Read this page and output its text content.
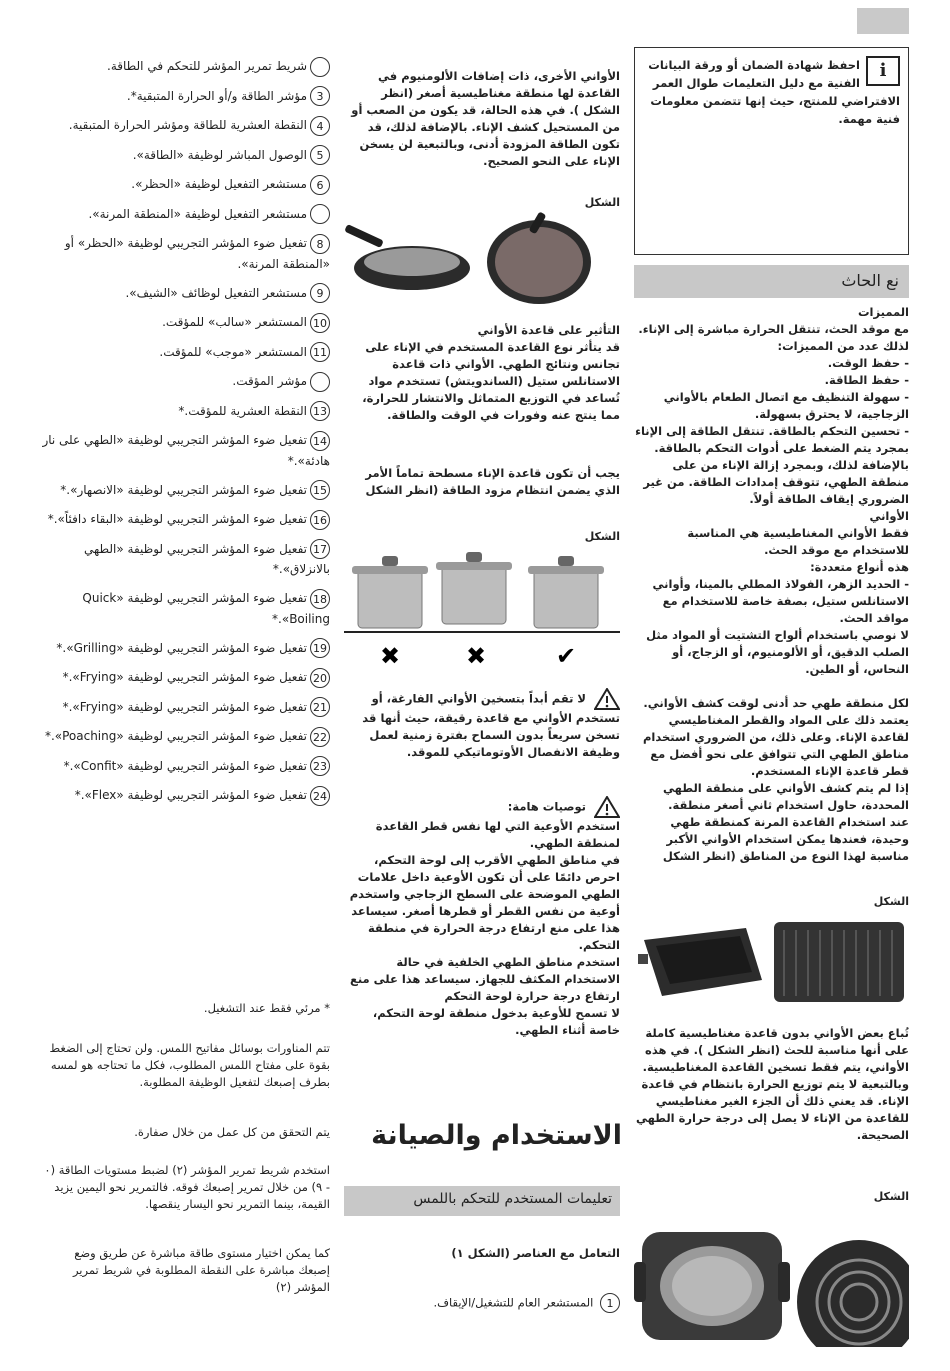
i
احفظ شهادة الضمان أو ورقة البيانات الفنية مع دليل التعليمات طوال العمر الافتراضي للمنتج، حيث إنها تتضمن معلومات فنية مهمة.
نع الحاث

المميزات

مع موقد الحث، تنتقل الحرارة مباشرة إلى الإناء.

لذلك عدد من المميزات:

- حفظ الوقت.

- حفظ الطاقة.

- سهولة التنظيف مع اتصال الطعام بالأواني الزجاجية، لا يحترق بسهولة.

- تحسين التحكم بالطاقة. تنتقل الطاقة إلى الإناء بمجرد يتم الضغط على أدوات التحكم بالطاقة. بالإضافة لذلك، وبمجرد إزالة الإناء من على منطقة الطهي، تتوقف إمدادات الطاقة. من غير الضروري إيقاف الطاقة أولاً.

الأواني

فقط الأواني المغناطيسية هي المناسبة للاستخدام مع موقد الحث.

هذه أنواع متعددة:

- الحديد الزهر، الفولاذ المطلي بالمينا، وأواني الاستانلس ستيل، بصفة خاصة للاستخدام مع مواقد الحث.

لا نوصي باستخدام ألواح التشتيت أو المواد مثل الصلب الدقيق، أو الألومنيوم، أو الزجاج، أو النحاس، أو الطين.

لكل منطقة طهي حد أدنى لوقت كشف الأواني. يعتمد ذلك على المواد والقطر المغناطيسي لقاعدة الإناء. وعلى ذلك، من الضروري استخدام مناطق الطهي التي تتوافق على نحو أفضل مع قطر قاعدة الإناء المستخدم.

إذا لم يتم كشف الأواني على منطقة الطهي المحددة، حاول استخدام ثاني أصغر منطقة.

عند استخدام القاعدة المرنة كمنطقة طهي وحيدة، فعندها يمكن استخدام الأواني الأكبر مناسبة لهذا النوع من المناطق (انظر الشكل

الشكل
تُباع بعض الأواني بدون قاعدة مغناطيسية كاملة على أنها مناسبة للحث (انظر الشكل ). في هذه الأواني، يتم فقط تسخين القاعدة المغناطيسية. وبالتبعية لا يتم توزيع الحرارة بانتظام في قاعدة الإناء. قد يعني ذلك أن الجزء الغير مغناطيسي للقاعدة من الإناء لا يصل إلى درجة حرارة الطهي الصحيحة.
الشكل
الأواني الأخرى، ذات إضافات الألومنيوم في القاعدة لها منطقة مغناطيسية أصغر (انظر الشكل ). في هذه الحالة، قد يكون من الصعب أو من المستحيل كشف الإناء. بالإضافة لذلك، قد تكون الطاقة المزودة أدنى، وبالتبعية لن يسخن الإناء على النحو الصحيح.
الشكل

التأثير على قاعدة الأواني

قد يتأثر نوع القاعدة المستخدم في الإناء على تجانس ونتائج الطهي. الأواني ذات قاعدة الاستانلس ستيل (الساندويتش) تستخدم مواد تُساعد في التوزيع المتماثل والانتشار للحرارة، مما ينتج عنه وفورات في الوقت والطاقة.

يجب أن تكون قاعدة الإناء مسطحة تماماً الأمر الذي يضمن انتظام مزود الطاقة (انظر الشكل
الشكل
✔
✖
✖
لا تقم أبداً بتسخين الأواني الفارغة، أو تستخدم الأواني مع قاعدة رقيقة، حيث أنها قد تسخن سريعاً بدون السماح بفترة زمنية لعمل وظيفة الانفصال الأوتوماتيكي للموقد.

توصيات هامة:

استخدم الأوعية التي لها نفس قطر القاعدة لمنطقة الطهي.

في مناطق الطهي الأقرب إلى لوحة التحكم، احرص دائمًا على أن تكون الأوعية داخل علامات الطهي الموضحة على السطح الزجاجي واستخدم أوعية من نفس القطر أو قطرها أصغر. سيساعد هذا على منع ارتفاع درجة الحرارة في منطقة التحكم.

استخدم مناطق الطهي الخلفية في حالة الاستخدام المكثف للجهاز. سيساعد هذا على منع ارتفاع درجة حرارة لوحة التحكم

لا تسمح للأوعية بدخول منطقة لوحة التحكم، خاصة أثناء الطهي.

الاستخدام والصيانة
تعليمات المستخدم للتحكم باللمس
التعامل مع العناصر (الشكل ١)
1 المستشعر العام للتشغيل/الإيقاف.

شريط تمرير المؤشر للتحكم في الطاقة.

3مؤشر الطاقة و/أو الحرارة المتبقية*.

4النقطة العشرية للطاقة ومؤشر الحرارة المتبقية.

5الوصول المباشر لوظيفة «الطاقة».

6مستشعر التفعيل لوظيفة «الحظر».

مستشعر التفعيل لوظيفة «المنطقة المرنة».

8تفعيل ضوء المؤشر التجريبي لوظيفة «الحظر» أو «المنطقة المرنة».

9مستشعر التفعيل لوظائف «الشيف».

10المستشعر «سالب» للمؤقت.

11المستشعر «موجب» للمؤقت.

مؤشر المؤقت.

13النقطة العشرية للمؤقت.*

14تفعيل ضوء المؤشر التجريبي لوظيفة «الطهي على نار هادئة».*

15تفعيل ضوء المؤشر التجريبي لوظيفة «الانصهار».*

16تفعيل ضوء المؤشر التجريبي لوظيفة «البقاء دافئاً».*

17تفعيل ضوء المؤشر التجريبي لوظيفة «الطهي بالانزلاق».*

18تفعيل ضوء المؤشر التجريبي لوظيفة «Quick Boiling».*

19تفعيل ضوء المؤشر التجريبي لوظيفة «Grilling».*

20تفعيل ضوء المؤشر التجريبي لوظيفة «Frying».*

21تفعيل ضوء المؤشر التجريبي لوظيفة «Frying».*

22تفعيل ضوء المؤشر التجريبي لوظيفة «Poaching».*

23تفعيل ضوء المؤشر التجريبي لوظيفة «Confit».*

24تفعيل ضوء المؤشر التجريبي لوظيفة «Flex».*

* مرئي فقط عند التشغيل.
تتم المناورات بوسائل مفاتيح اللمس. ولن تحتاج إلى الضغط بقوة على مفتاح اللمس المطلوب، فكل ما تحتاجه هو لمسه بطرف إصبعك لتفعيل الوظيفة المطلوبة.
يتم التحقق من كل عمل من خلال صفارة.
استخدم شريط تمرير المؤشر (٢) لضبط مستويات الطاقة (٠ - ٩) من خلال تمرير إصبعك فوقه. فالتمرير نحو اليمين يزيد القيمة، بينما التمرير نحو اليسار ينقصها.
كما يمكن اختيار مستوى طاقة مباشرة عن طريق وضع إصبعك مباشرة على النقطة المطلوبة في شريط تمرير المؤشر (٢)
